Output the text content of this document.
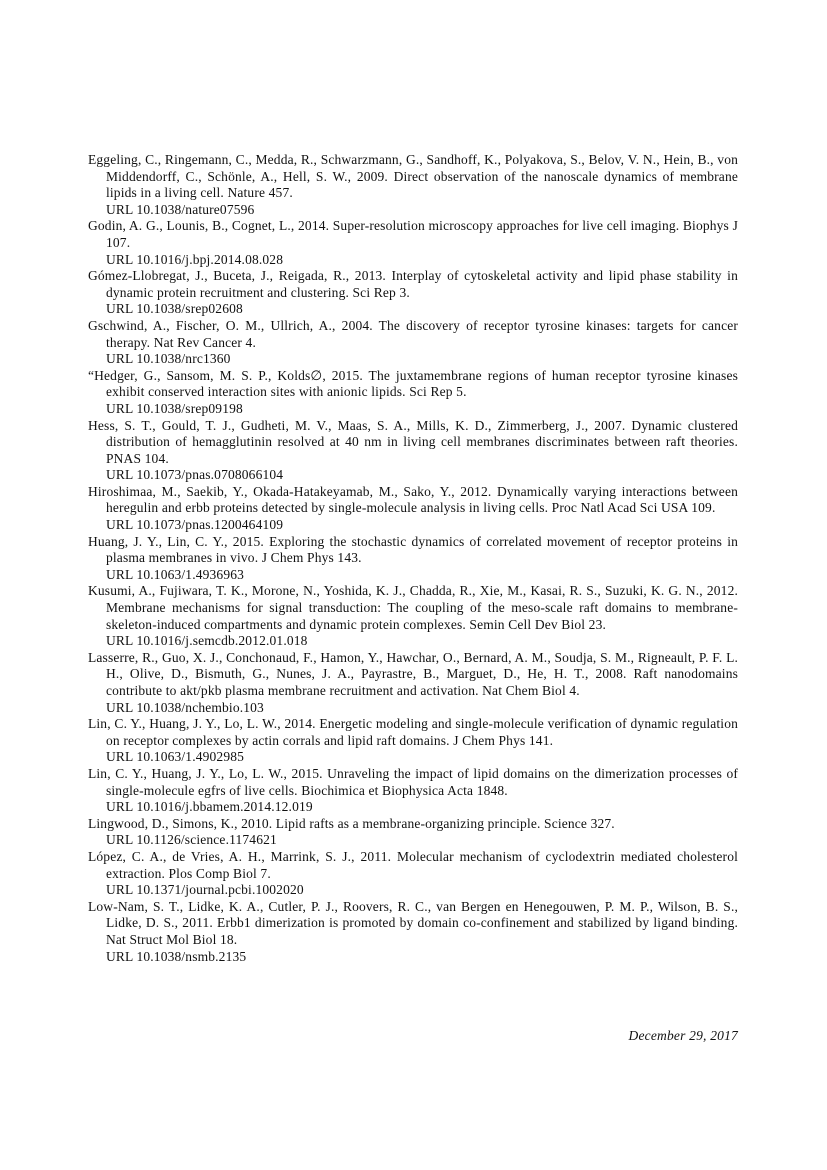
Eggeling, C., Ringemann, C., Medda, R., Schwarzmann, G., Sandhoff, K., Polyakova, S., Belov, V. N., Hein, B., von Middendorff, C., Schönle, A., Hell, S. W., 2009. Direct observation of the nanoscale dynamics of membrane lipids in a living cell. Nature 457.
URL 10.1038/nature07596
Godin, A. G., Lounis, B., Cognet, L., 2014. Super-resolution microscopy approaches for live cell imaging. Biophys J 107.
URL 10.1016/j.bpj.2014.08.028
Gómez-Llobregat, J., Buceta, J., Reigada, R., 2013. Interplay of cytoskeletal activity and lipid phase stability in dynamic protein recruitment and clustering. Sci Rep 3.
URL 10.1038/srep02608
Gschwind, A., Fischer, O. M., Ullrich, A., 2004. The discovery of receptor tyrosine kinases: targets for cancer therapy. Nat Rev Cancer 4.
URL 10.1038/nrc1360
“Hedger, G., Sansom, M. S. P., Kolds∅, 2015. The juxtamembrane regions of human receptor tyrosine kinases exhibit conserved interaction sites with anionic lipids. Sci Rep 5.
URL 10.1038/srep09198
Hess, S. T., Gould, T. J., Gudheti, M. V., Maas, S. A., Mills, K. D., Zimmerberg, J., 2007. Dynamic clustered distribution of hemagglutinin resolved at 40 nm in living cell membranes discriminates between raft theories. PNAS 104.
URL 10.1073/pnas.0708066104
Hiroshimaa, M., Saekib, Y., Okada-Hatakeyamab, M., Sako, Y., 2012. Dynamically varying interactions between heregulin and erbb proteins detected by single-molecule analysis in living cells. Proc Natl Acad Sci USA 109.
URL 10.1073/pnas.1200464109
Huang, J. Y., Lin, C. Y., 2015. Exploring the stochastic dynamics of correlated movement of receptor proteins in plasma membranes in vivo. J Chem Phys 143.
URL 10.1063/1.4936963
Kusumi, A., Fujiwara, T. K., Morone, N., Yoshida, K. J., Chadda, R., Xie, M., Kasai, R. S., Suzuki, K. G. N., 2012. Membrane mechanisms for signal transduction: The coupling of the meso-scale raft domains to membrane-skeleton-induced compartments and dynamic protein complexes. Semin Cell Dev Biol 23.
URL 10.1016/j.semcdb.2012.01.018
Lasserre, R., Guo, X. J., Conchonaud, F., Hamon, Y., Hawchar, O., Bernard, A. M., Soudja, S. M., Rigneault, P. F. L. H., Olive, D., Bismuth, G., Nunes, J. A., Payrastre, B., Marguet, D., He, H. T., 2008. Raft nanodomains contribute to akt/pkb plasma membrane recruitment and activation. Nat Chem Biol 4.
URL 10.1038/nchembio.103
Lin, C. Y., Huang, J. Y., Lo, L. W., 2014. Energetic modeling and single-molecule verification of dynamic regulation on receptor complexes by actin corrals and lipid raft domains. J Chem Phys 141.
URL 10.1063/1.4902985
Lin, C. Y., Huang, J. Y., Lo, L. W., 2015. Unraveling the impact of lipid domains on the dimerization processes of single-molecule egfrs of live cells. Biochimica et Biophysica Acta 1848.
URL 10.1016/j.bbamem.2014.12.019
Lingwood, D., Simons, K., 2010. Lipid rafts as a membrane-organizing principle. Science 327.
URL 10.1126/science.1174621
López, C. A., de Vries, A. H., Marrink, S. J., 2011. Molecular mechanism of cyclodextrin mediated cholesterol extraction. Plos Comp Biol 7.
URL 10.1371/journal.pcbi.1002020
Low-Nam, S. T., Lidke, K. A., Cutler, P. J., Roovers, R. C., van Bergen en Henegouwen, P. M. P., Wilson, B. S., Lidke, D. S., 2011. Erbb1 dimerization is promoted by domain co-confinement and stabilized by ligand binding. Nat Struct Mol Biol 18.
URL 10.1038/nsmb.2135
December 29, 2017
